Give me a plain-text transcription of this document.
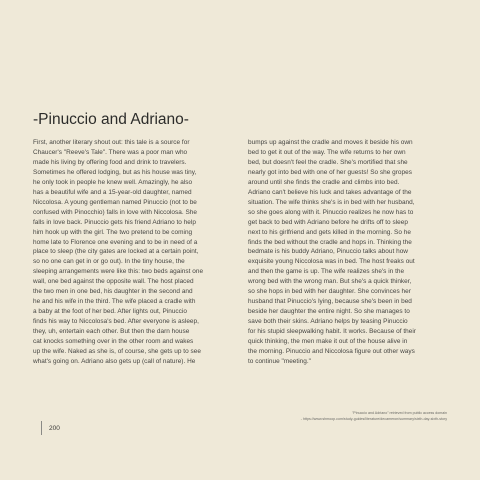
-Pinuccio and Adriano-
First, another literary shout out: this tale is a source for
Chaucer's "Reeve's Tale". There was a poor man who
made his living by offering food and drink to travelers.
Sometimes he offered lodging, but as his house was tiny,
he only took in people he knew well. Amazingly, he also
has a beautiful wife and a 15-year-old daughter, named
Niccolosa. A young gentleman named Pinuccio (not to be
confused with Pinocchio) falls in love with Niccolosa. She
falls in love back. Pinuccio gets his friend Adriano to help
him hook up with the girl. The two pretend to be coming
home late to Florence one evening and to be in need of a
place to sleep (the city gates are locked at a certain point,
so no one can get in or go out). In the tiny house, the
sleeping arrangements were like this: two beds against one
wall, one bed against the opposite wall. The host placed
the two men in one bed, his daughter in the second and
he and his wife in the third. The wife placed a cradle with
a baby at the foot of her bed. After lights out, Pinuccio
finds his way to Niccolosa's bed. After everyone is asleep,
they, uh, entertain each other. But then the darn house
cat knocks something over in the other room and wakes
up the wife. Naked as she is, of course, she gets up to see
what's going on. Adriano also gets up (call of nature). He
bumps up against the cradle and moves it beside his own
bed to get it out of the way. The wife returns to her own
bed, but doesn't feel the cradle. She's mortified that she
nearly got into bed with one of her guests! So she gropes
around until she finds the cradle and climbs into bed.
Adriano can't believe his luck and takes advantage of the
situation. The wife thinks she's is in bed with her husband,
so she goes along with it. Pinuccio realizes he now has to
get back to bed with Adriano before he drifts off to sleep
next to his girlfriend and gets killed in the morning. So he
finds the bed without the cradle and hops in. Thinking the
bedmate is his buddy Adriano, Pinuccio talks about how
exquisite young Niccolosa was in bed. The host freaks out
and then the game is up. The wife realizes she's in the
wrong bed with the wrong man. But she's a quick thinker,
so she hops in bed with her daughter. She convinces her
husband that Pinuccio's lying, because she's been in bed
beside her daughter the entire night. So she manages to
save both their skins. Adriano helps by teasing Pinuccio
for his stupid sleepwalking habit. It works. Because of their
quick thinking, the men make it out of the house alive in
the morning. Pinuccio and Niccolosa figure out other ways
to continue "meeting."
"Pinuccio and Adriano" retrieved from public access domain
- https://www.shmoop.com/study-guides/literature/decameron/summary/sixth-day-sixth-story
200
